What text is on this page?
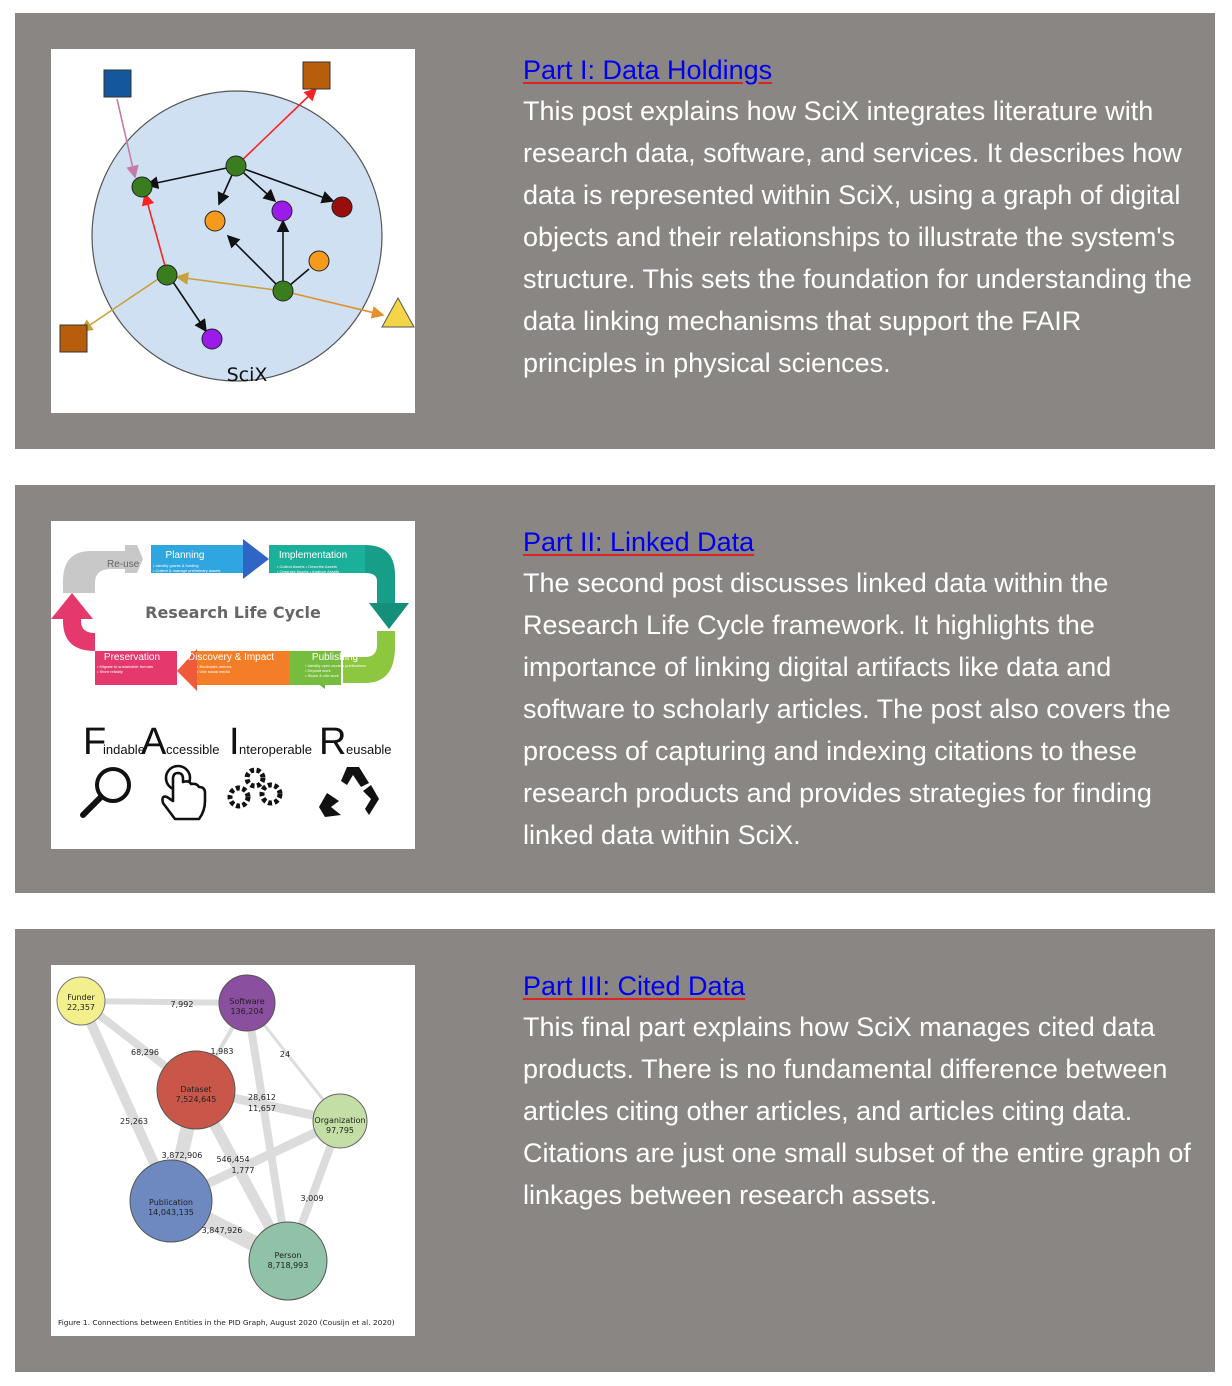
SciX
Part I: Data Holdings

This post explains how SciX integrates literature with research data, software, and services. It describes how data is represented within SciX, using a graph of digital objects and their relationships to illustrate the system's structure. This sets the foundation for understanding the data linking mechanisms that support the FAIR principles in physical sciences.

Re-use
Planning
• Identify grants & funding
• Collect & manage preliminary assets
• Describe & organize assets
Implementation
• Collect Assets • Describe Assets
• Organize Assets • Analyze Assets
Research Life Cycle
Preservation
• Migrate to sustainable formats
• Store reliably
Discovery & Impact
• Bookmark metrics
• Use social media
Publishing
• Identify open access publications
• Deposit work
• Share & cite work
F
indable
A ccessible I nteroperable R eusable
Part II: Linked Data

The second post discusses linked data within the Research Life Cycle framework. It highlights the importance of linking digital artifacts like data and software to scholarly articles. The post also covers the process of capturing and indexing citations to these research products and provides strategies for finding linked data within SciX.

Funder
22,357
Software
136,204
Dataset
7,524,645
Organization
97,795
Publication
14,043,135
Person
8,718,993
7,992
68,296	1,983	24
25,263
28,612
11,657
3,872,906 546,454
1,777
3,009
3,847,926
Figure 1. Connections between Entities in the PID Graph, August 2020 (Cousijn et al. 2020)
Part III: Cited Data

This final part explains how SciX manages cited data products. There is no fundamental difference between articles citing other articles, and articles citing data. Citations are just one small subset of the entire graph of linkages between research assets.
